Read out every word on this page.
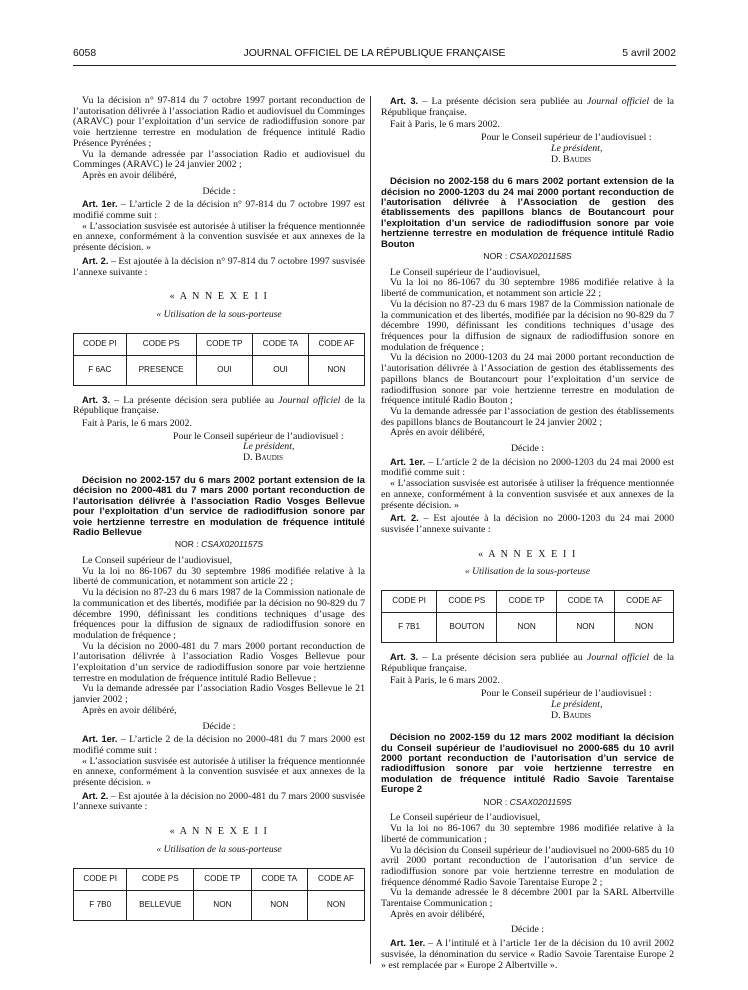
6058	JOURNAL OFFICIEL DE LA RÉPUBLIQUE FRANÇAISE	5 avril 2002

Vu la décision n° 97-814 du 7 octobre 1997 portant reconduction de l’autorisation délivrée à l’association Radio et audiovisuel du Comminges (ARAVC) pour l’exploitation d’un service de radiodiffusion sonore par voie hertzienne terrestre en modulation de fréquence intitulé Radio Présence Pyrénées ;

Vu la demande adressée par l’association Radio et audiovisuel du Comminges (ARAVC) le 24 janvier 2002 ;

Après en avoir délibéré,

Décide :

Art. 1er. – L’article 2 de la décision n° 97-814 du 7 octobre 1997 est modifié comme suit :

« L’association susvisée est autorisée à utiliser la fréquence mentionnée en annexe, conformément à la convention susvisée et aux annexes de la présente décision. »

Art. 2. – Est ajoutée à la décision n° 97-814 du 7 octobre 1997 susvisée l’annexe suivante :

« A N N E X E I I
« Utilisation de la sous-porteuse
CODE PI	CODE PS	CODE TP	CODE TA	CODE AF
F 6AC	PRESENCE	OUI	OUI	NON

Art. 3. – La présente décision sera publiée au Journal officiel de la République française.

Fait à Paris, le 6 mars 2002.

Pour le Conseil supérieur de l’audiovisuel :

Le président,

D. Baudis

Décision no 2002-157 du 6 mars 2002 portant extension de la décision no 2000-481 du 7 mars 2000 portant reconduction de l’autorisation délivrée à l’association Radio Vosges Bellevue pour l’exploitation d’un service de radiodiffusion sonore par voie hertzienne terrestre en modulation de fréquence intitulé Radio Bellevue

NOR : CSAX0201157S

Le Conseil supérieur de l’audiovisuel,

Vu la loi no 86-1067 du 30 septembre 1986 modifiée relative à la liberté de communication, et notamment son article 22 ;

Vu la décision no 87-23 du 6 mars 1987 de la Commission nationale de la communication et des libertés, modifiée par la décision no 90-829 du 7 décembre 1990, définissant les conditions techniques d’usage des fréquences pour la diffusion de signaux de radiodiffusion sonore en modulation de fréquence ;

Vu la décision no 2000-481 du 7 mars 2000 portant reconduction de l’autorisation délivrée à l’association Radio Vosges Bellevue pour l’exploitation d’un service de radiodiffusion sonore par voie hertzienne terrestre en modulation de fréquence intitulé Radio Bellevue ;

Vu la demande adressée par l’association Radio Vosges Bellevue le 21 janvier 2002 ;

Après en avoir délibéré,

Décide :

Art. 1er. – L’article 2 de la décision no 2000-481 du 7 mars 2000 est modifié comme suit :

« L’association susvisée est autorisée à utiliser la fréquence mentionnée en annexe, conformément à la convention susvisée et aux annexes de la présente décision. »

Art. 2. – Est ajoutée à la décision no 2000-481 du 7 mars 2000 susvisée l’annexe suivante :

« A N N E X E I I
« Utilisation de la sous-porteuse
CODE PI	CODE PS	CODE TP	CODE TA	CODE AF
F 7B0	BELLEVUE	NON	NON	NON

Art. 3. – La présente décision sera publiée au Journal officiel de la République française.

Fait à Paris, le 6 mars 2002.

Pour le Conseil supérieur de l’audiovisuel :

Le président,

D. Baudis

Décision no 2002-158 du 6 mars 2002 portant extension de la décision no 2000-1203 du 24 mai 2000 portant reconduction de l’autorisation délivrée à l’Association de gestion des établissements des papillons blancs de Boutancourt pour l’exploitation d’un service de radiodiffusion sonore par voie hertzienne terrestre en modulation de fréquence intitulé Radio Bouton

NOR : CSAX0201158S

Le Conseil supérieur de l’audiovisuel,

Vu la loi no 86-1067 du 30 septembre 1986 modifiée relative à la liberté de communication, et notamment son article 22 ;

Vu la décision no 87-23 du 6 mars 1987 de la Commission nationale de la communication et des libertés, modifiée par la décision no 90-829 du 7 décembre 1990, définissant les conditions techniques d’usage des fréquences pour la diffusion de signaux de radiodiffusion sonore en modulation de fréquence ;

Vu la décision no 2000-1203 du 24 mai 2000 portant reconduction de l’autorisation délivrée à l’Association de gestion des établissements des papillons blancs de Boutancourt pour l’exploitation d’un service de radiodiffusion sonore par voie hertzienne terrestre en modulation de fréquence intitulé Radio Bouton ;

Vu la demande adressée par l’association de gestion des établissements des papillons blancs de Boutancourt le 24 janvier 2002 ;

Après en avoir délibéré,

Décide :

Art. 1er. – L’article 2 de la décision no 2000-1203 du 24 mai 2000 est modifié comme suit :

« L’association susvisée est autorisée à utiliser la fréquence mentionnée en annexe, conformément à la convention susvisée et aux annexes de la présente décision. »

Art. 2. – Est ajoutée à la décision no 2000-1203 du 24 mai 2000 susvisée l’annexe suivante :

« A N N E X E I I
« Utilisation de la sous-porteuse
CODE PI	CODE PS	CODE TP	CODE TA	CODE AF
F 7B1	BOUTON	NON	NON	NON

Art. 3. – La présente décision sera publiée au Journal officiel de la République française.

Fait à Paris, le 6 mars 2002.

Pour le Conseil supérieur de l’audiovisuel :

Le président,

D. Baudis

Décision no 2002-159 du 12 mars 2002 modifiant la décision du Conseil supérieur de l’audiovisuel no 2000-685 du 10 avril 2000 portant reconduction de l’autorisation d’un service de radiodiffusion sonore par voie hertzienne terrestre en modulation de fréquence intitulé Radio Savoie Tarentaise Europe 2

NOR : CSAX0201159S

Le Conseil supérieur de l’audiovisuel,

Vu la loi no 86-1067 du 30 septembre 1986 modifiée relative à la liberté de communication ;

Vu la décision du Conseil supérieur de l’audiovisuel no 2000-685 du 10 avril 2000 portant reconduction de l’autorisation d’un service de radiodiffusion sonore par voie hertzienne terrestre en modulation de fréquence dénommé Radio Savoie Tarentaise Europe 2 ;

Vu la demande adressée le 8 décembre 2001 par la SARL Albertville Tarentaise Communication ;

Après en avoir délibéré,

Décide :

Art. 1er. – A l’intitulé et à l’article 1er de la décision du 10 avril 2002 susvisée, la dénomination du service « Radio Savoie Tarentaise Europe 2 » est remplacée par « Europe 2 Albertville ».
